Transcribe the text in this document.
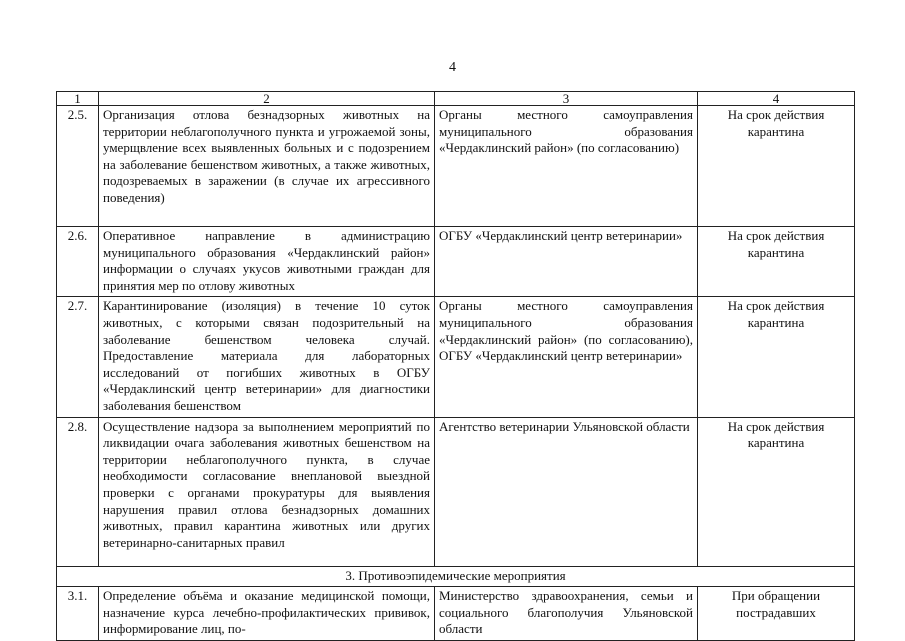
4
1	2	3	4
2.5.	Организация отлова безнадзорных животных на территории неблагополучного пункта и угрожаемой зоны, умерщвление всех выявленных больных и с подозрением на заболевание бешенством животных, а также животных, подозреваемых в заражении (в случае их агрессивного поведения)	Органы местного самоуправления муниципального образования «Чердаклинский район» (по согласованию)	На срок действия
карантина

2.6.	Оперативное направление в администрацию муниципального образования «Чердаклинский район» информации о случаях укусов животными граждан для принятия мер по отлову животных	ОГБУ «Чердаклинский центр ветеринарии»	На срок действия
карантина

2.7.	Карантинирование (изоляция) в течение 10 суток животных, с которыми связан подозрительный на заболевание бешенством человека случай. Предоставление материала для лабораторных исследований от погибших животных в ОГБУ «Чердаклинский центр ветеринарии» для диагностики заболевания бешенством	Органы местного самоуправления муниципального образования «Чердаклинский район» (по согласованию), ОГБУ «Чердаклинский центр ветеринарии»	На срок действия
карантина

2.8.	Осуществление надзора за выполнением мероприятий по ликвидации очага заболевания животных бешенством на территории неблагополучного пункта, в случае необходимости согласование внеплановой выездной проверки с органами прокуратуры для выявления нарушения правил отлова безнадзорных домашних животных, правил карантина животных или других ветеринарно-санитарных правил	Агентство ветеринарии Ульяновской области	На срок действия
карантина

3. Противоэпидемические мероприятия			
3.1.	Определение объёма и оказание медицинской помощи, назначение курса лечебно-профилактических прививок, информирование лиц, по-	Министерство здравоохранения, семьи и социального благополучия Ульяновской области	При обращении
пострадавших
